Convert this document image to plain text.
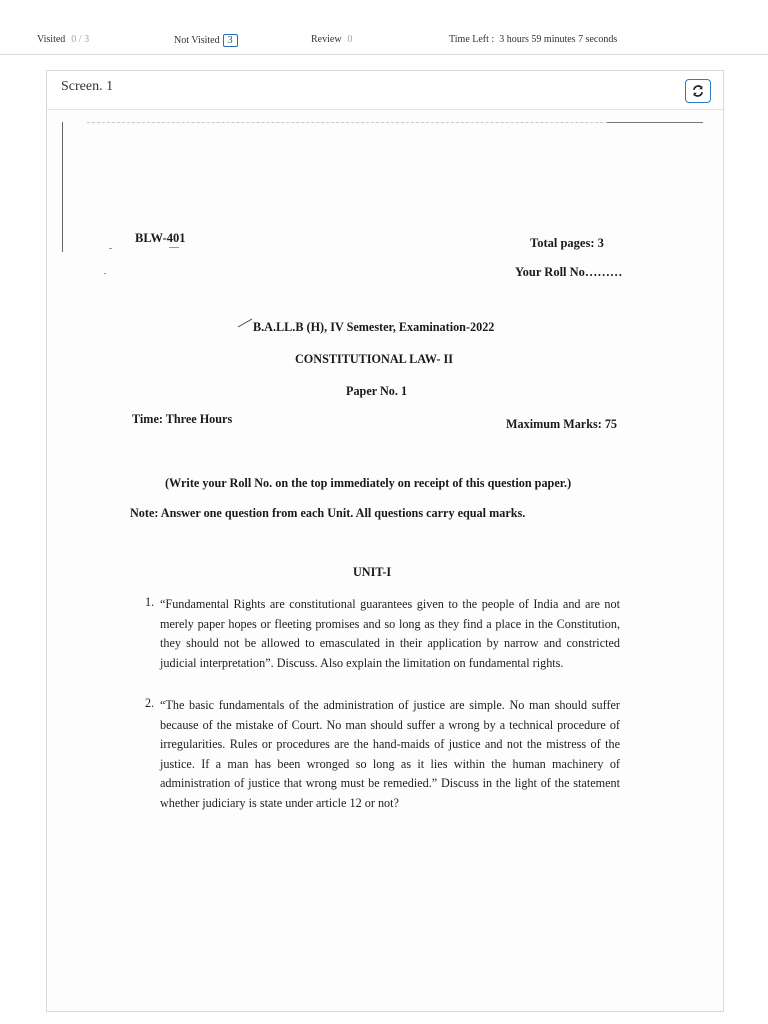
Visited 0 / 3	Not Visited 3	Review 0	Time Left : 3 hours 59 minutes 7 seconds
Screen. 1
BLW-401	Total pages: 3
Your Roll No………
B.A.LL.B (H), IV Semester, Examination-2022
CONSTITUTIONAL LAW- II
Paper No. 1
Time: Three Hours	Maximum Marks: 75
(Write your Roll No. on the top immediately on receipt of this question paper.)
Note: Answer one question from each Unit. All questions carry equal marks.
UNIT-I
1. “Fundamental Rights are constitutional guarantees given to the people of India and are not merely paper hopes or fleeting promises and so long as they find a place in the Constitution, they should not be allowed to emasculated in their application by narrow and constricted judicial interpretation”. Discuss. Also explain the limitation on fundamental rights.
2. “The basic fundamentals of the administration of justice are simple. No man should suffer because of the mistake of Court. No man should suffer a wrong by a technical procedure of irregularities. Rules or procedures are the hand-maids of justice and not the mistress of the justice. If a man has been wronged so long as it lies within the human machinery of administration of justice that wrong must be remedied.” Discuss in the light of the statement whether judiciary is state under article 12 or not?
